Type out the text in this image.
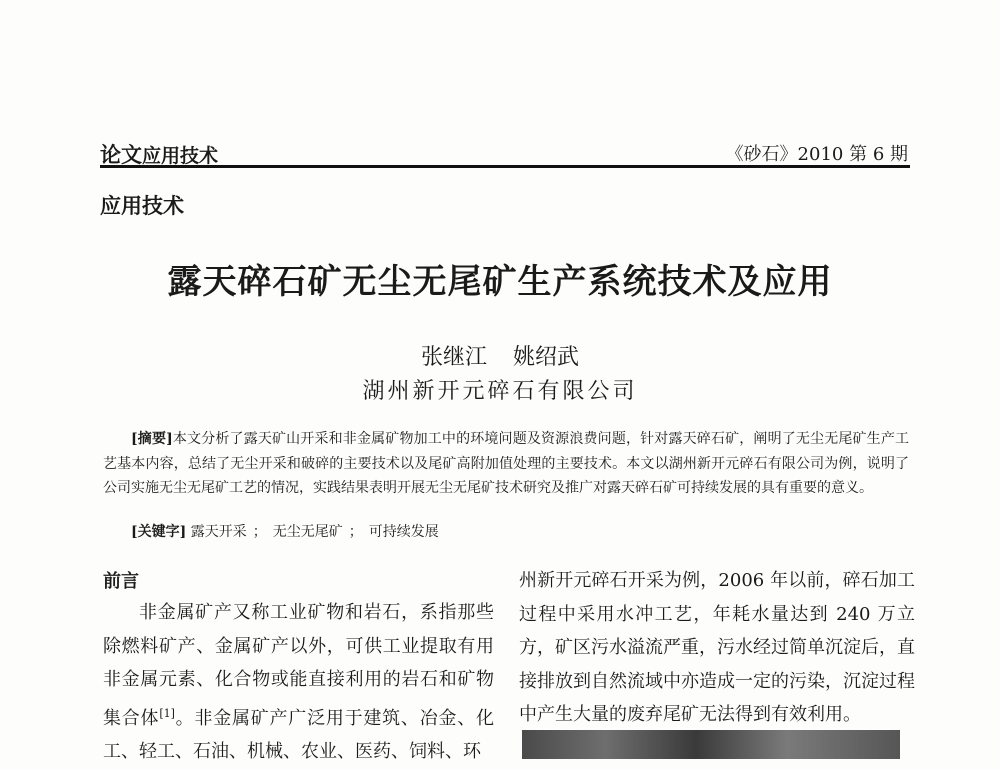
论文应用技术	《砂石》2010 第 6 期
应用技术
露天碎石矿无尘无尾矿生产系统技术及应用
张继江 姚绍武
湖州新开元碎石有限公司

[摘要]本文分析了露天矿山开采和非金属矿物加工中的环境问题及资源浪费问题，针对露天碎石矿，阐明了无尘无尾矿生产工艺基本内容，总结了无尘开采和破碎的主要技术以及尾矿高附加值处理的主要技术。本文以湖州新开元碎石有限公司为例，说明了公司实施无尘无尾矿工艺的情况，实践结果表明开展无尘无尾矿技术研究及推广对露天碎石矿可持续发展的具有重要的意义。

[关键字] 露天开采 ； 无尘无尾矿 ； 可持续发展
前言

非金属矿产又称工业矿物和岩石，系指那些除燃料矿产、金属矿产以外，可供工业提取有用非金属元素、化合物或能直接利用的岩石和矿物集合体[1]。非金属矿产广泛用于建筑、冶金、化工、轻工、石油、机械、农业、医药、饲料、环

州新开元碎石开采为例，2006 年以前，碎石加工过程中采用水冲工艺，年耗水量达到 240 万立方，矿区污水溢流严重，污水经过简单沉淀后，直接排放到自然流域中亦造成一定的污染，沉淀过程中产生大量的废弃尾矿无法得到有效利用。
